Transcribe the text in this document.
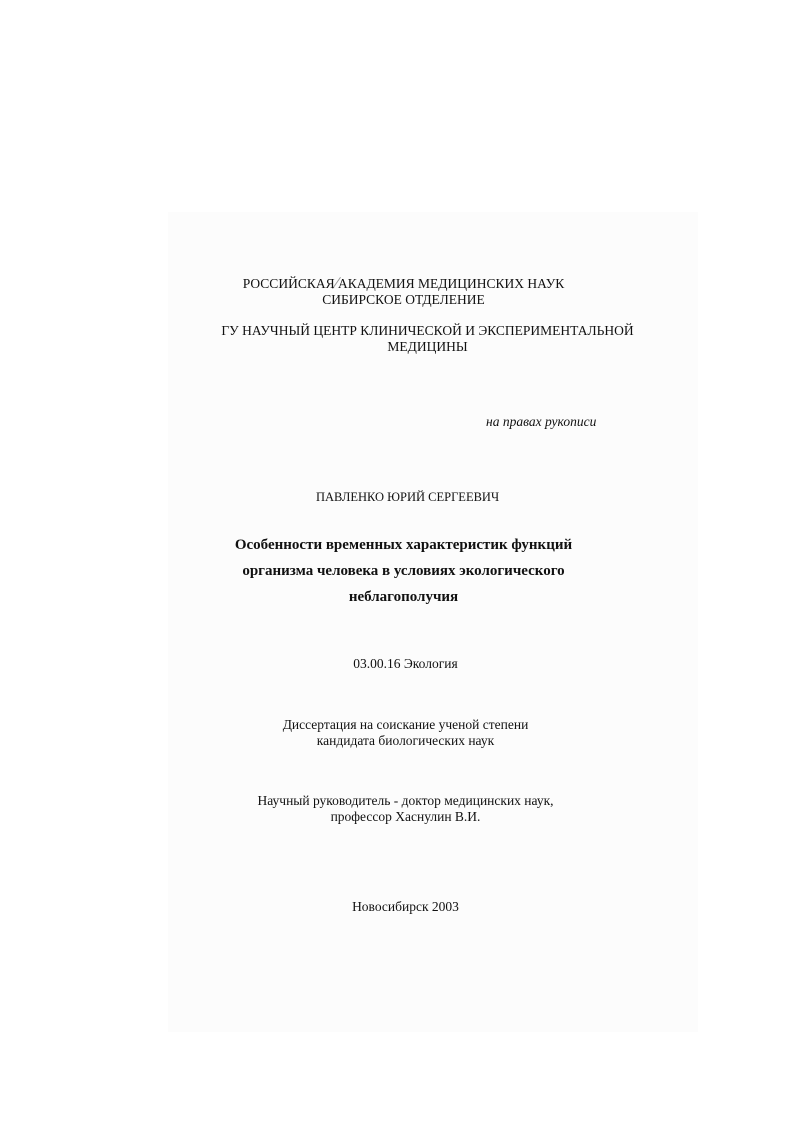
РОССИЙСКАЯ АКАДЕМИЯ МЕДИЦИНСКИХ НАУК
СИБИРСКОЕ ОТДЕЛЕНИЕ
ГУ НАУЧНЫЙ ЦЕНТР КЛИНИЧЕСКОЙ И ЭКСПЕРИМЕНТАЛЬНОЙ
МЕДИЦИНЫ
на правах рукописи
ПАВЛЕНКО ЮРИЙ СЕРГЕЕВИЧ
Особенности временных характеристик функций
организма человека в условиях экологического
неблагополучия
03.00.16 Экология
Диссертация на соискание ученой степени
кандидата биологических наук
Научный руководитель - доктор медицинских наук,
профессор Хаснулин В.И.
Новосибирск 2003
